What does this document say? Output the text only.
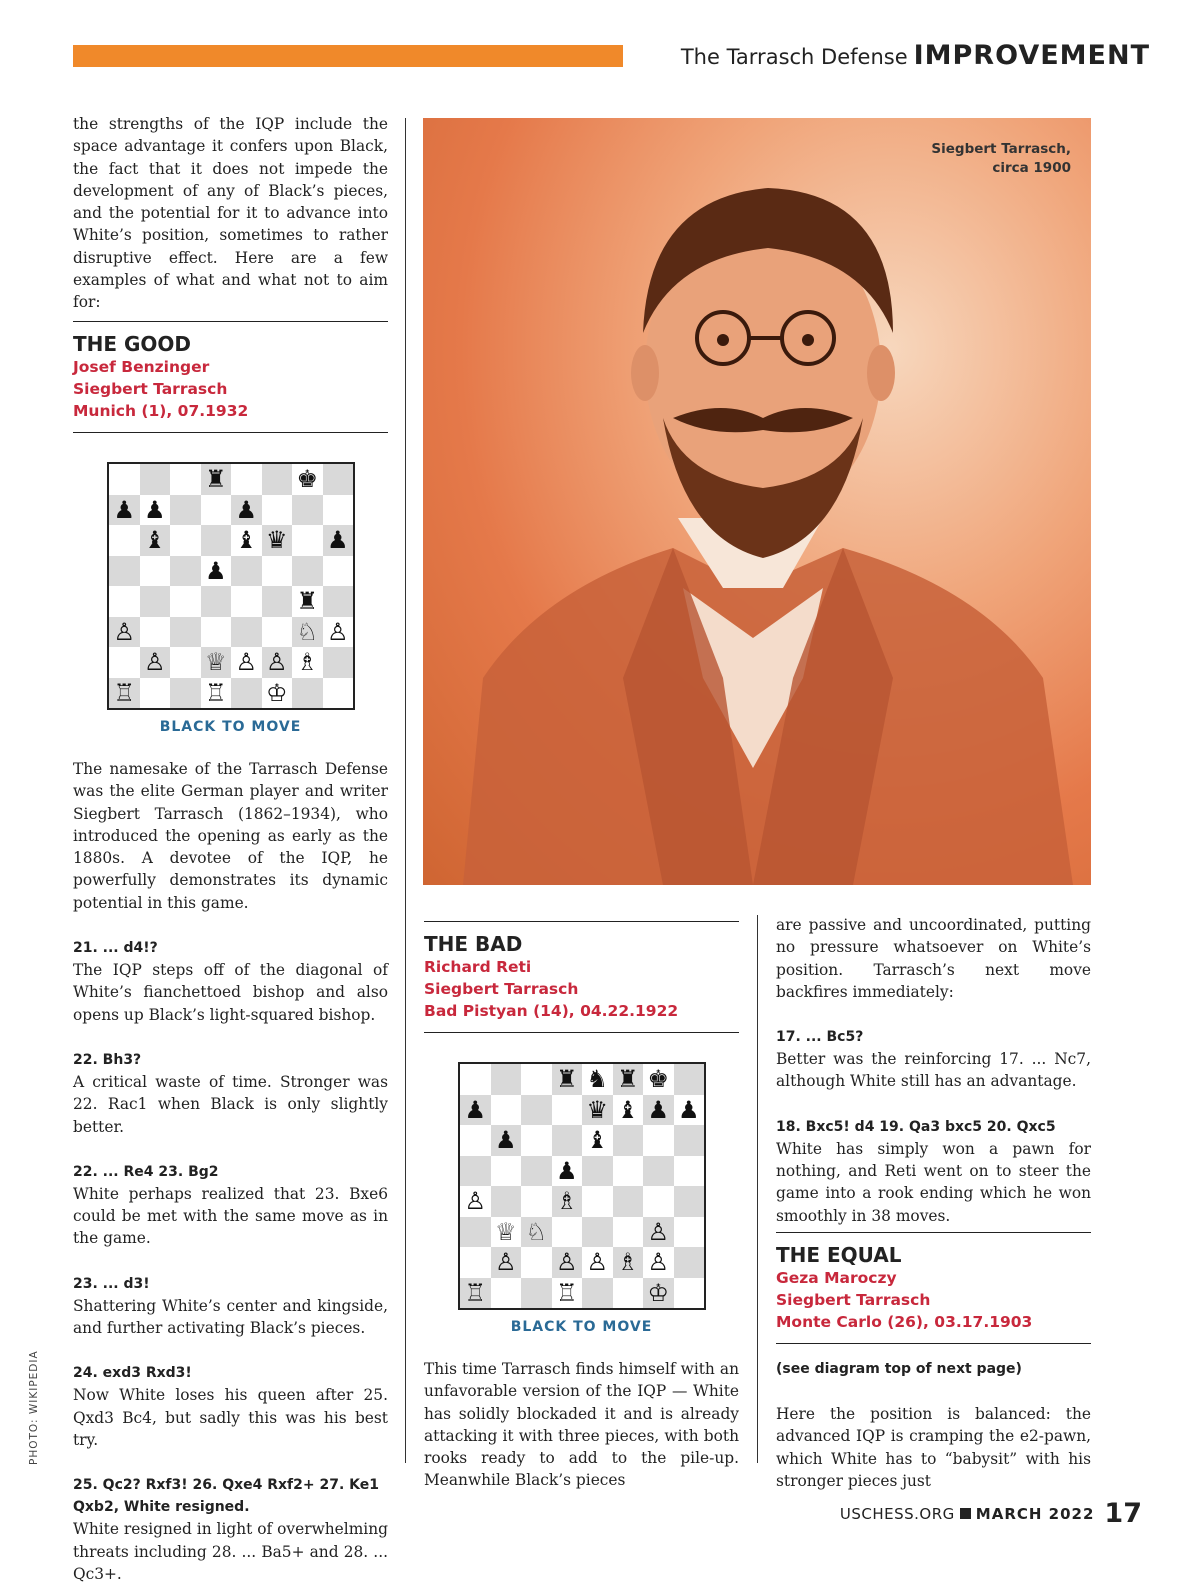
The Tarrasch Defense IMPROVEMENT

the strengths of the IQP include the space advantage it confers upon Black, the fact that it does not impede the development of any of Black’s pieces, and the potential for it to advance into White’s position, sometimes to rather disruptive effect. Here are a few examples of what and what not to aim for:

THE GOOD

Josef Benzinger

Siegbert Tarrasch

Munich (1), 07.1932

♜	♚
♟ ♟	♟
♝	♝ ♛ ♟
♟
♜
♙	♘ ♙
♙ ♕ ♙ ♙ ♗
♖	♖ ♔
BLACK TO MOVE

The namesake of the Tarrasch Defense was the elite German player and writer Siegbert Tarrasch (1862–1934), who introduced the opening as early as the 1880s. A devotee of the IQP, he powerfully demonstrates its dynamic potential in this game.

21. ... d4!?

The IQP steps off of the diagonal of White’s fianchettoed bishop and also opens up Black’s light-squared bishop.

22. Bh3?

A critical waste of time. Stronger was 22. Rac1 when Black is only slightly better.

22. ... Re4 23. Bg2

White perhaps realized that 23. Bxe6 could be met with the same move as in the game.

23. ... d3!

Shattering White’s center and kingside, and further activating Black’s pieces.

24. exd3 Rxd3!

Now White loses his queen after 25. Qxd3 Bc4, but sadly this was his best try.

25. Qc2? Rxf3! 26. Qxe4 Rxf2+ 27. Ke1 Qxb2, White resigned.

White resigned in light of overwhelming threats including 28. ... Ba5+ and 28. ... Qc3+.

Siegbert Tarrasch,
circa 1900

THE BAD

Richard Reti

Siegbert Tarrasch

Bad Pistyan (14), 04.22.1922

♜ ♞ ♜ ♚
♟	♛ ♝ ♟ ♟
♟	♝
♟
♙	♗
♕ ♘	♙
♙ ♙ ♙ ♗ ♙
♖	♖	♔
BLACK TO MOVE

This time Tarrasch finds himself with an unfavorable version of the IQP — White has solidly blockaded it and is already attacking it with three pieces, with both rooks ready to add to the pile-up. Meanwhile Black’s pieces

are passive and uncoordinated, putting no pressure whatsoever on White’s position. Tarrasch’s next move backfires immediately:

17. ... Bc5?

Better was the reinforcing 17. ... Nc7, although White still has an advantage.

18. Bxc5! d4 19. Qa3 bxc5 20. Qxc5

White has simply won a pawn for nothing, and Reti went on to steer the game into a rook ending which he won smoothly in 38 moves.

THE EQUAL

Geza Maroczy

Siegbert Tarrasch

Monte Carlo (26), 03.17.1903

(see diagram top of next page)

Here the position is balanced: the advanced IQP is cramping the e2-pawn, which White has to “babysit” with his stronger pieces just

PHOTO: WIKIPEDIA
USCHESS.ORG MARCH 2022 17
